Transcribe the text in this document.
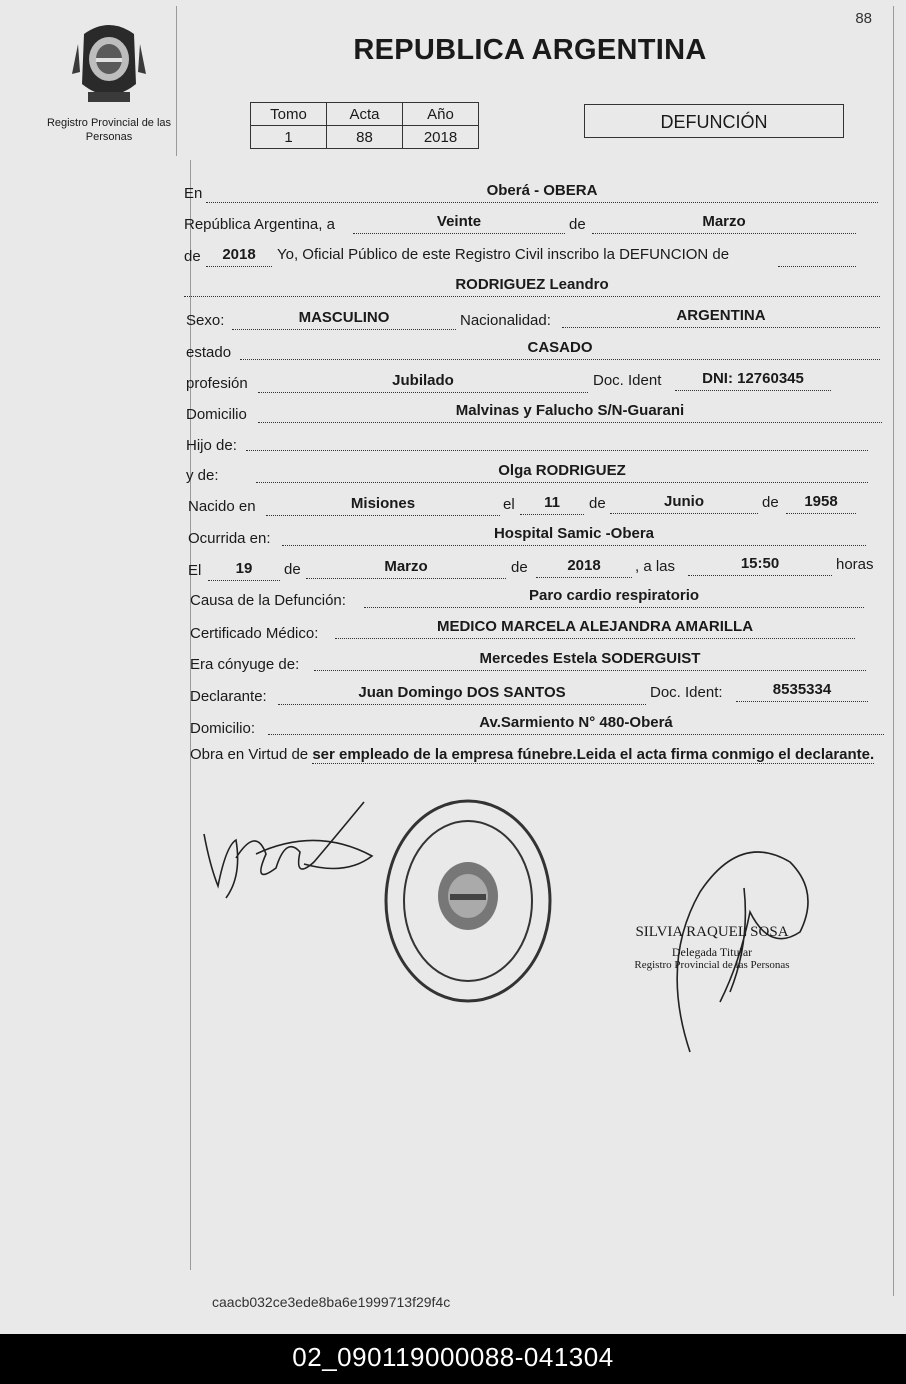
Registro Provincial de las Personas
88
REPUBLICA ARGENTINA
Tomo	Acta	Año
1	88	2018
DEFUNCIÓN
En	Oberá - OBERA
República Argentina, a	Veinte	de	Marzo
de	2018	Yo, Oficial Público de este Registro Civil inscribo la DEFUNCION de
RODRIGUEZ Leandro
Sexo:	MASCULINO	Nacionalidad:	ARGENTINA
estado	CASADO
profesión	Jubilado	Doc. Ident	DNI: 12760345
Domicilio	Malvinas y Falucho S/N-Guarani
Hijo de:
y de:	Olga RODRIGUEZ
Nacido en	Misiones	el	11	de	Junio	de	1958
Ocurrida en:	Hospital Samic -Obera
El	19	de	Marzo	de	2018	, a las	15:50	horas
Causa de la Defunción:	Paro cardio respiratorio
Certificado Médico:	MEDICO MARCELA ALEJANDRA AMARILLA
Era cónyuge de:	Mercedes Estela SODERGUIST
Declarante:	Juan Domingo DOS SANTOS	Doc. Ident:	8535334
Domicilio:	Av.Sarmiento N° 480-Oberá
Obra en Virtud de ser empleado de la empresa fúnebre.Leida el acta firma conmigo el declarante.
SILVIA RAQUEL SOSA
Delegada Titular
Registro Provincial de las Personas
caacb032ce3ede8ba6e1999713f29f4c
02_090119000088-041304
